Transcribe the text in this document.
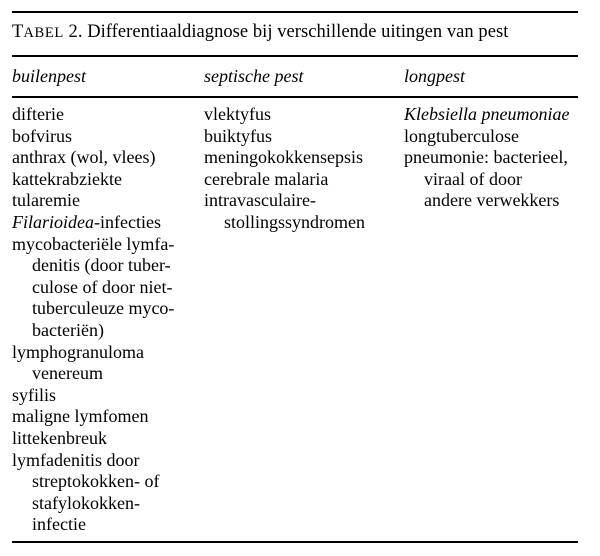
TABEL 2. Differentiaaldiagnose bij verschillende uitingen van pest
builenpest	septische pest	longpest
difterie
bofvirus
anthrax (wol, vlees)
kattekrabziekte
tularemie
Filarioidea-infecties
mycobacteriële lymfa-
denitis (door tuber-
culose of door niet-
tuberculeuze myco-
bacteriën)
lymphogranuloma
venereum
syfilis
maligne lymfomen
littekenbreuk
lymfadenitis door
streptokokken- of
stafylokokken-
infectie
vlektyfus
buiktyfus
meningokokkensepsis
cerebrale malaria
intravasculaire-
stollingssyndromen
Klebsiella pneumoniae
longtuberculose
pneumonie: bacterieel,
viraal of door
andere verwekkers
